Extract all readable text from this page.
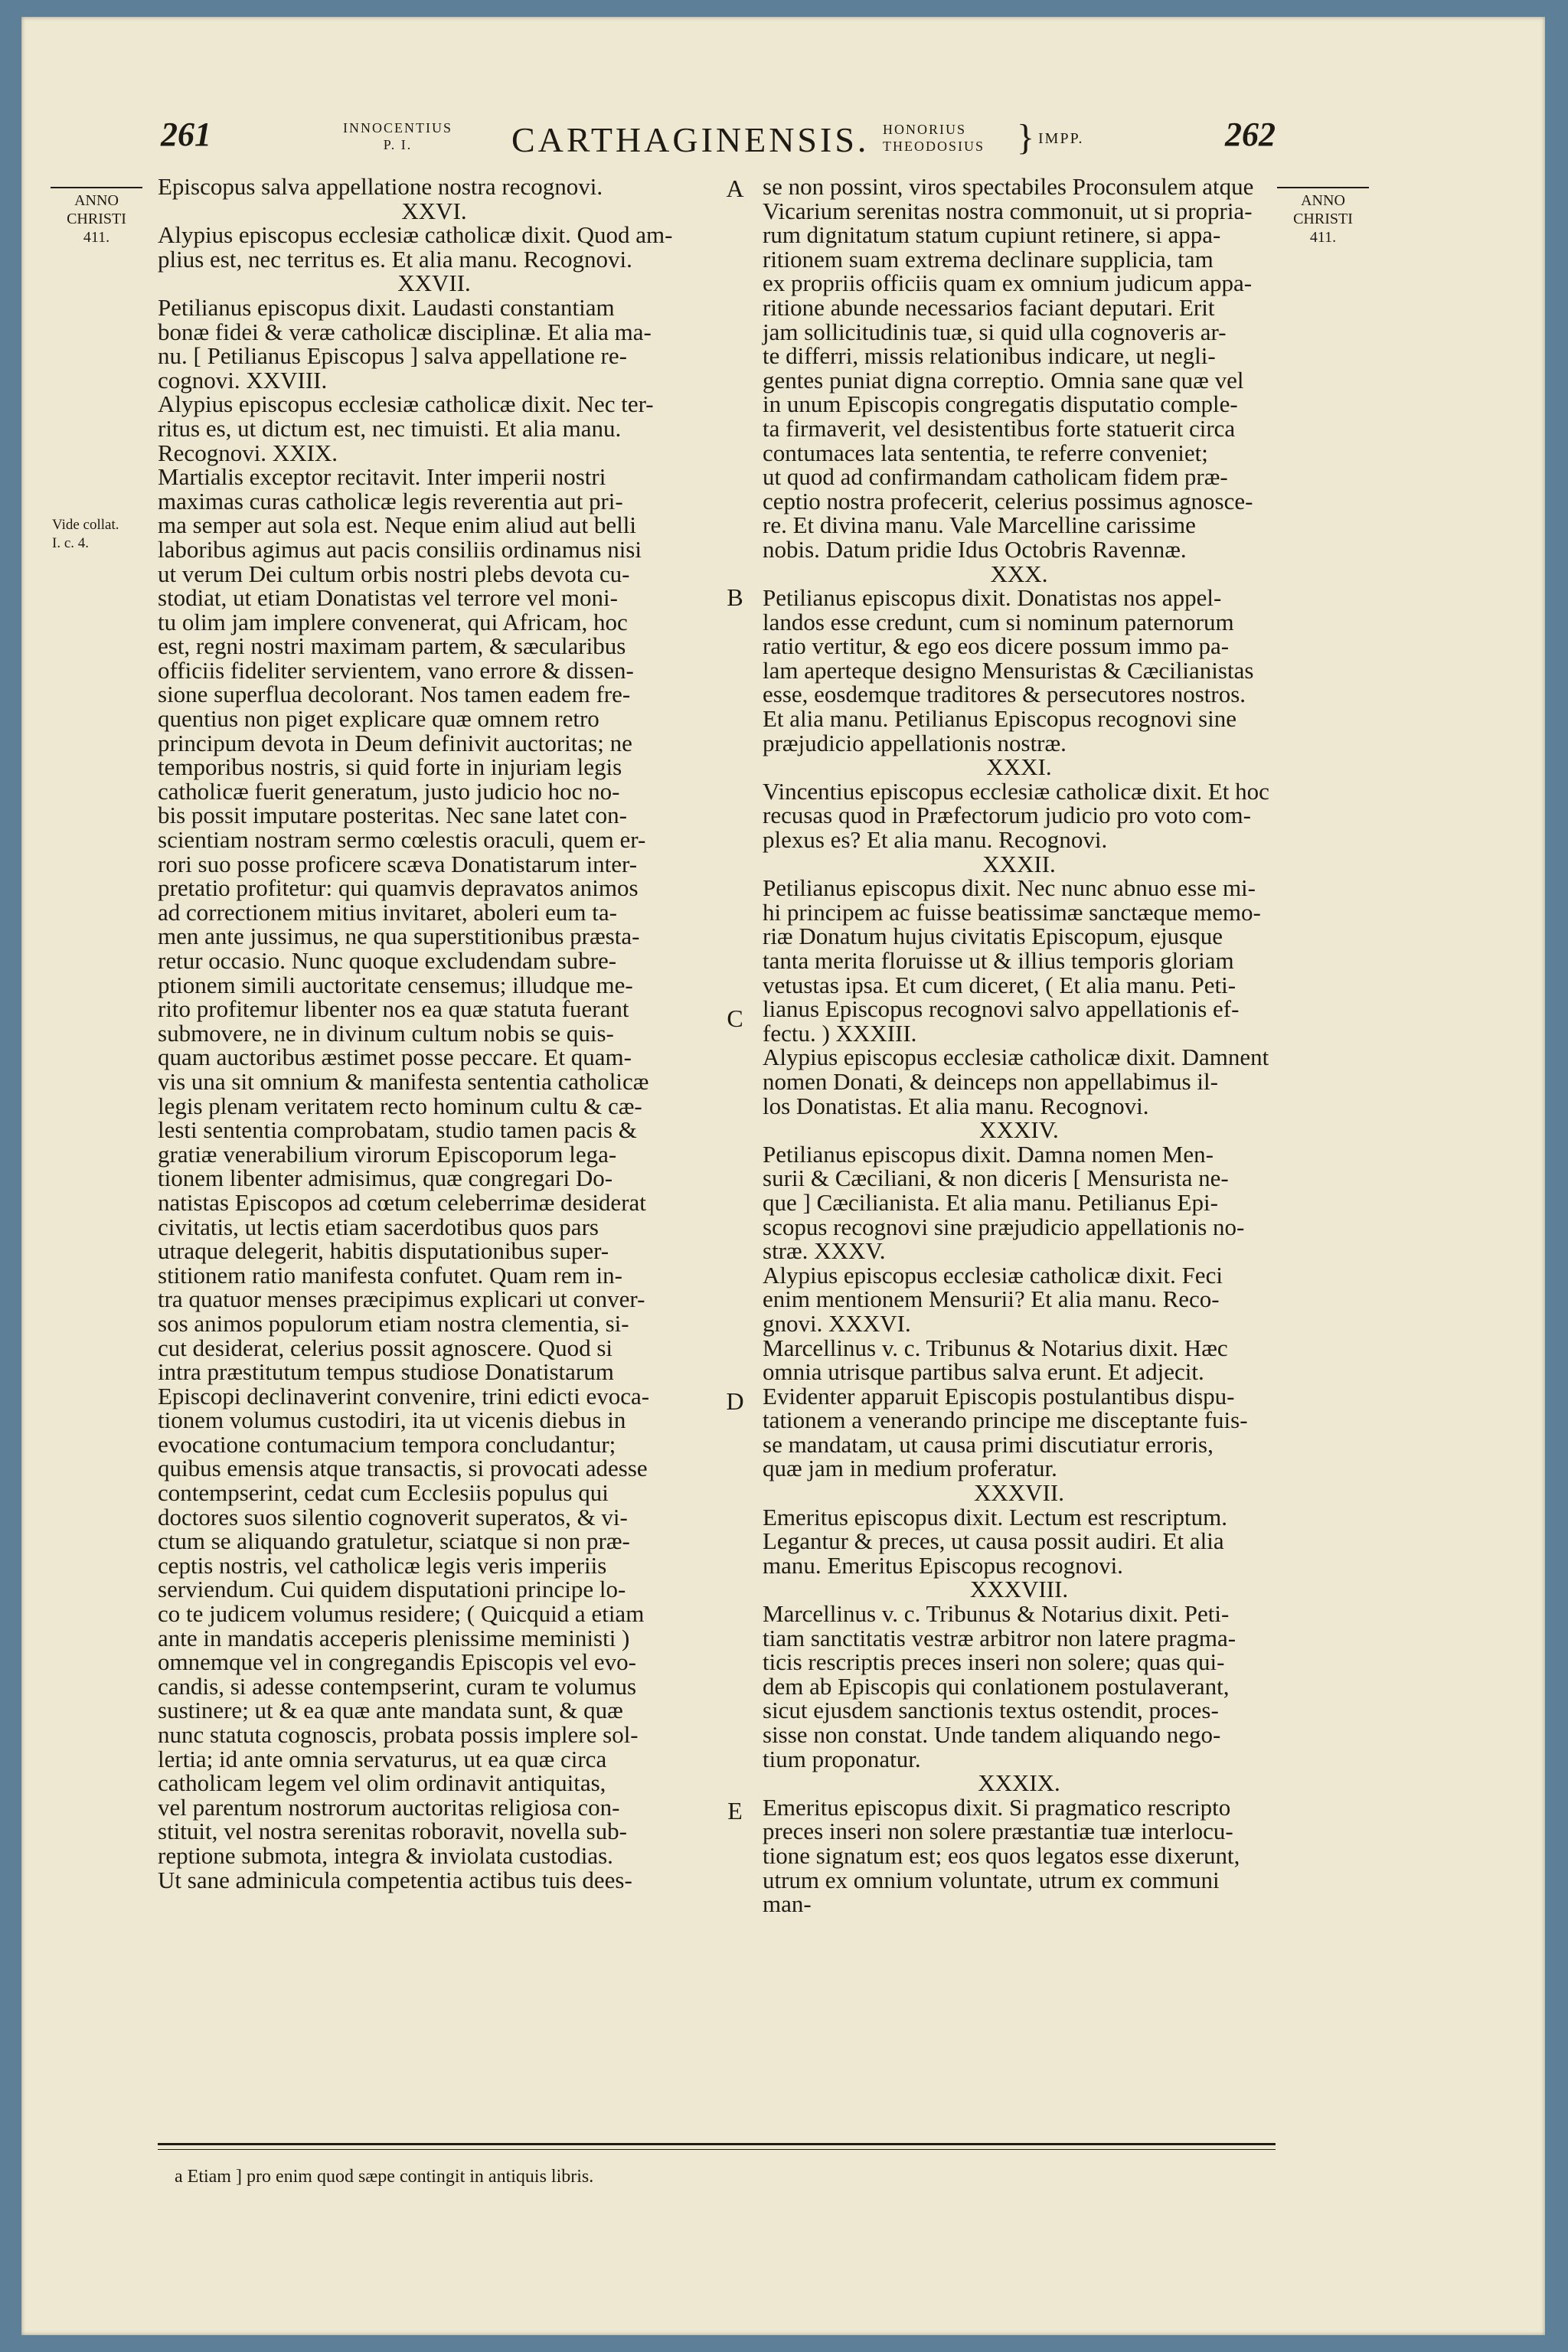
261	INNOCENTIUS
P. I.	CARTHAGINENSIS. HONORIUS
THEODOSIUS } IMPP.	262
ANNO
CHRISTI
411.
ANNO
CHRISTI
411.
Vide collat.
I. c. 4.
A
B
C
D
E
Episcopus salva appellatione nostra recognovi.
XXVI.
Alypius episcopus ecclesiæ catholicæ dixit. Quod am-
plius est, nec territus es. Et alia manu. Recognovi.
XXVII.
Petilianus episcopus dixit. Laudasti constantiam
bonæ fidei & veræ catholicæ disciplinæ. Et alia ma-
nu. [ Petilianus Episcopus ] salva appellatione re-
cognovi. XXVIII.
Alypius episcopus ecclesiæ catholicæ dixit. Nec ter-
ritus es, ut dictum est, nec timuisti. Et alia manu.
Recognovi. XXIX.
Martialis exceptor recitavit. Inter imperii nostri
maximas curas catholicæ legis reverentia aut pri-
ma semper aut sola est. Neque enim aliud aut belli
laboribus agimus aut pacis consiliis ordinamus nisi
ut verum Dei cultum orbis nostri plebs devota cu-
stodiat, ut etiam Donatistas vel terrore vel moni-
tu olim jam implere convenerat, qui Africam, hoc
est, regni nostri maximam partem, & sæcularibus
officiis fideliter servientem, vano errore & dissen-
sione superflua decolorant. Nos tamen eadem fre-
quentius non piget explicare quæ omnem retro
principum devota in Deum definivit auctoritas; ne
temporibus nostris, si quid forte in injuriam legis
catholicæ fuerit generatum, justo judicio hoc no-
bis possit imputare posteritas. Nec sane latet con-
scientiam nostram sermo cœlestis oraculi, quem er-
rori suo posse proficere scæva Donatistarum inter-
pretatio profitetur: qui quamvis depravatos animos
ad correctionem mitius invitaret, aboleri eum ta-
men ante jussimus, ne qua superstitionibus præsta-
retur occasio. Nunc quoque excludendam subre-
ptionem simili auctoritate censemus; illudque me-
rito profitemur libenter nos ea quæ statuta fuerant
submovere, ne in divinum cultum nobis se quis-
quam auctoribus æstimet posse peccare. Et quam-
vis una sit omnium & manifesta sententia catholicæ
legis plenam veritatem recto hominum cultu & cæ-
lesti sententia comprobatam, studio tamen pacis &
gratiæ venerabilium virorum Episcoporum lega-
tionem libenter admisimus, quæ congregari Do-
natistas Episcopos ad cœtum celeberrimæ desiderat
civitatis, ut lectis etiam sacerdotibus quos pars
utraque delegerit, habitis disputationibus super-
stitionem ratio manifesta confutet. Quam rem in-
tra quatuor menses præcipimus explicari ut conver-
sos animos populorum etiam nostra clementia, si-
cut desiderat, celerius possit agnoscere. Quod si
intra præstitutum tempus studiose Donatistarum
Episcopi declinaverint convenire, trini edicti evoca-
tionem volumus custodiri, ita ut vicenis diebus in
evocatione contumacium tempora concludantur;
quibus emensis atque transactis, si provocati adesse
contempserint, cedat cum Ecclesiis populus qui
doctores suos silentio cognoverit superatos, & vi-
ctum se aliquando gratuletur, sciatque si non præ-
ceptis nostris, vel catholicæ legis veris imperiis
serviendum. Cui quidem disputationi principe lo-
co te judicem volumus residere; ( Quicquid a etiam
ante in mandatis acceperis plenissime meministi )
omnemque vel in congregandis Episcopis vel evo-
candis, si adesse contempserint, curam te volumus
sustinere; ut & ea quæ ante mandata sunt, & quæ
nunc statuta cognoscis, probata possis implere sol-
lertia; id ante omnia servaturus, ut ea quæ circa
catholicam legem vel olim ordinavit antiquitas,
vel parentum nostrorum auctoritas religiosa con-
stituit, vel nostra serenitas roboravit, novella sub-
reptione submota, integra & inviolata custodias.
Ut sane adminicula competentia actibus tuis dees-
se non possint, viros spectabiles Proconsulem atque
Vicarium serenitas nostra commonuit, ut si propria-
rum dignitatum statum cupiunt retinere, si appa-
ritionem suam extrema declinare supplicia, tam
ex propriis officiis quam ex omnium judicum appa-
ritione abunde necessarios faciant deputari. Erit
jam sollicitudinis tuæ, si quid ulla cognoveris ar-
te differri, missis relationibus indicare, ut negli-
gentes puniat digna correptio. Omnia sane quæ vel
in unum Episcopis congregatis disputatio comple-
ta firmaverit, vel desistentibus forte statuerit circa
contumaces lata sententia, te referre conveniet;
ut quod ad confirmandam catholicam fidem præ-
ceptio nostra profecerit, celerius possimus agnosce-
re. Et divina manu. Vale Marcelline carissime
nobis. Datum pridie Idus Octobris Ravennæ.
XXX.
Petilianus episcopus dixit. Donatistas nos appel-
landos esse credunt, cum si nominum paternorum
ratio vertitur, & ego eos dicere possum immo pa-
lam aperteque designo Mensuristas & Cæcilianistas
esse, eosdemque traditores & persecutores nostros.
Et alia manu. Petilianus Episcopus recognovi sine
præjudicio appellationis nostræ.
XXXI.
Vincentius episcopus ecclesiæ catholicæ dixit. Et hoc
recusas quod in Præfectorum judicio pro voto com-
plexus es? Et alia manu. Recognovi.
XXXII.
Petilianus episcopus dixit. Nec nunc abnuo esse mi-
hi principem ac fuisse beatissimæ sanctæque memo-
riæ Donatum hujus civitatis Episcopum, ejusque
tanta merita floruisse ut & illius temporis gloriam
vetustas ipsa. Et cum diceret, ( Et alia manu. Peti-
lianus Episcopus recognovi salvo appellationis ef-
fectu. ) XXXIII.
Alypius episcopus ecclesiæ catholicæ dixit. Damnent
nomen Donati, & deinceps non appellabimus il-
los Donatistas. Et alia manu. Recognovi.
XXXIV.
Petilianus episcopus dixit. Damna nomen Men-
surii & Cæciliani, & non diceris [ Mensurista ne-
que ] Cæcilianista. Et alia manu. Petilianus Epi-
scopus recognovi sine præjudicio appellationis no-
stræ. XXXV.
Alypius episcopus ecclesiæ catholicæ dixit. Feci
enim mentionem Mensurii? Et alia manu. Reco-
gnovi. XXXVI.
Marcellinus v. c. Tribunus & Notarius dixit. Hæc
omnia utrisque partibus salva erunt. Et adjecit.
Evidenter apparuit Episcopis postulantibus dispu-
tationem a venerando principe me disceptante fuis-
se mandatam, ut causa primi discutiatur erroris,
quæ jam in medium proferatur.
XXXVII.
Emeritus episcopus dixit. Lectum est rescriptum.
Legantur & preces, ut causa possit audiri. Et alia
manu. Emeritus Episcopus recognovi.
XXXVIII.
Marcellinus v. c. Tribunus & Notarius dixit. Peti-
tiam sanctitatis vestræ arbitror non latere pragma-
ticis rescriptis preces inseri non solere; quas qui-
dem ab Episcopis qui conlationem postulaverant,
sicut ejusdem sanctionis textus ostendit, proces-
sisse non constat. Unde tandem aliquando nego-
tium proponatur.
XXXIX.
Emeritus episcopus dixit. Si pragmatico rescripto
preces inseri non solere præstantiæ tuæ interlocu-
tione signatum est; eos quos legatos esse dixerunt,
utrum ex omnium voluntate, utrum ex communi
man-
a Etiam ] pro enim quod sæpe contingit in antiquis libris.
